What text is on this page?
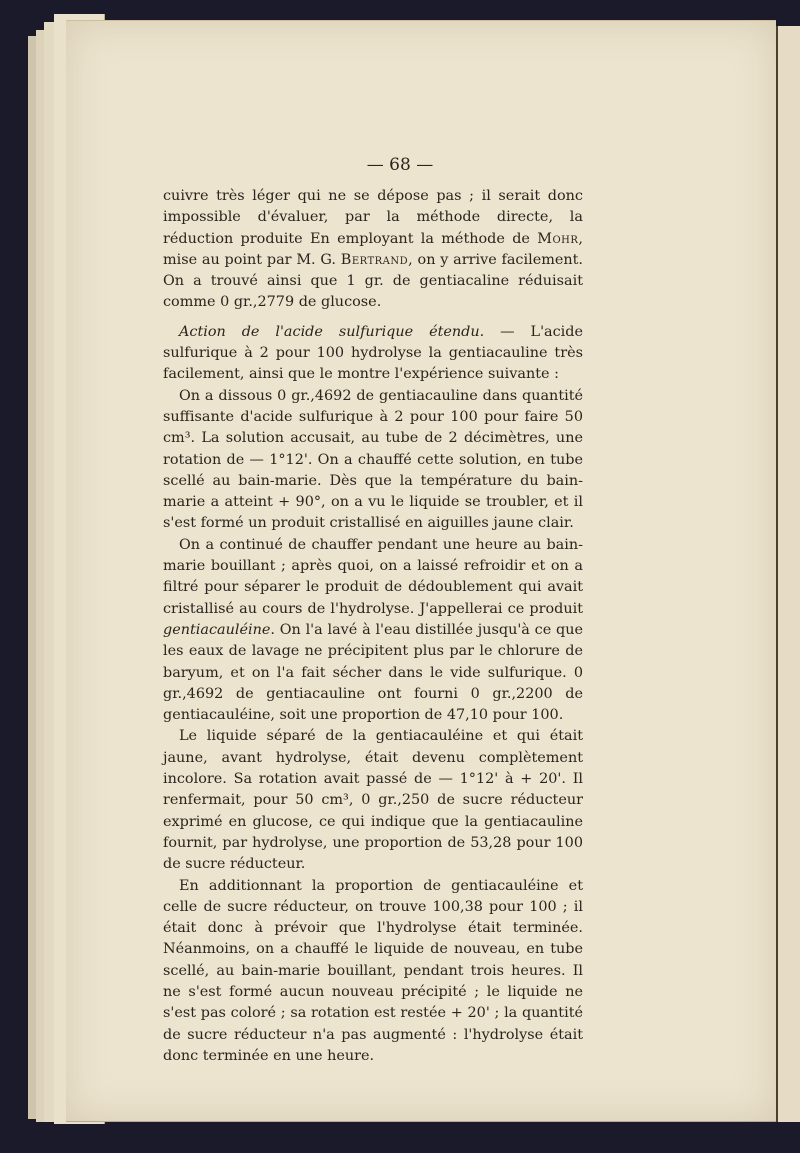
— 68 —

cuivre très léger qui ne se dépose pas ; il serait donc impossible d'évaluer, par la méthode directe, la réduction produite En employant la méthode de Mohr, mise au point par M. G. Bertrand, on y arrive facilement. On a trouvé ainsi que 1 gr. de gentiacaline réduisait comme 0 gr.,2779 de glucose.

Action de l'acide sulfurique étendu. — L'acide sulfurique à 2 pour 100 hydrolyse la gentiacauline très facilement, ainsi que le montre l'expérience suivante :

On a dissous 0 gr.,4692 de gentiacauline dans quantité suffisante d'acide sulfurique à 2 pour 100 pour faire 50 cm³. La solution accusait, au tube de 2 décimètres, une rotation de — 1°12'. On a chauffé cette solution, en tube scellé au bain-marie. Dès que la température du bain-marie a atteint + 90°, on a vu le liquide se troubler, et il s'est formé un produit cristallisé en aiguilles jaune clair.

On a continué de chauffer pendant une heure au bain-marie bouillant ; après quoi, on a laissé refroidir et on a filtré pour séparer le produit de dédoublement qui avait cristallisé au cours de l'hydrolyse. J'appellerai ce produit gentiacauléine. On l'a lavé à l'eau distillée jusqu'à ce que les eaux de lavage ne précipitent plus par le chlorure de baryum, et on l'a fait sécher dans le vide sulfurique. 0 gr.,4692 de gentiacauline ont fourni 0 gr.,2200 de gentiacauléine, soit une proportion de 47,10 pour 100.

Le liquide séparé de la gentiacauléine et qui était jaune, avant hydrolyse, était devenu complètement incolore. Sa rotation avait passé de — 1°12' à + 20'. Il renfermait, pour 50 cm³, 0 gr.,250 de sucre réducteur exprimé en glucose, ce qui indique que la gentiacauline fournit, par hydrolyse, une proportion de 53,28 pour 100 de sucre réducteur.

En additionnant la proportion de gentiacauléine et celle de sucre réducteur, on trouve 100,38 pour 100 ; il était donc à prévoir que l'hydrolyse était terminée. Néanmoins, on a chauffé le liquide de nouveau, en tube scellé, au bain-marie bouillant, pendant trois heures. Il ne s'est formé aucun nouveau précipité ; le liquide ne s'est pas coloré ; sa rotation est restée + 20' ; la quantité de sucre réducteur n'a pas augmenté : l'hydrolyse était donc terminée en une heure.
